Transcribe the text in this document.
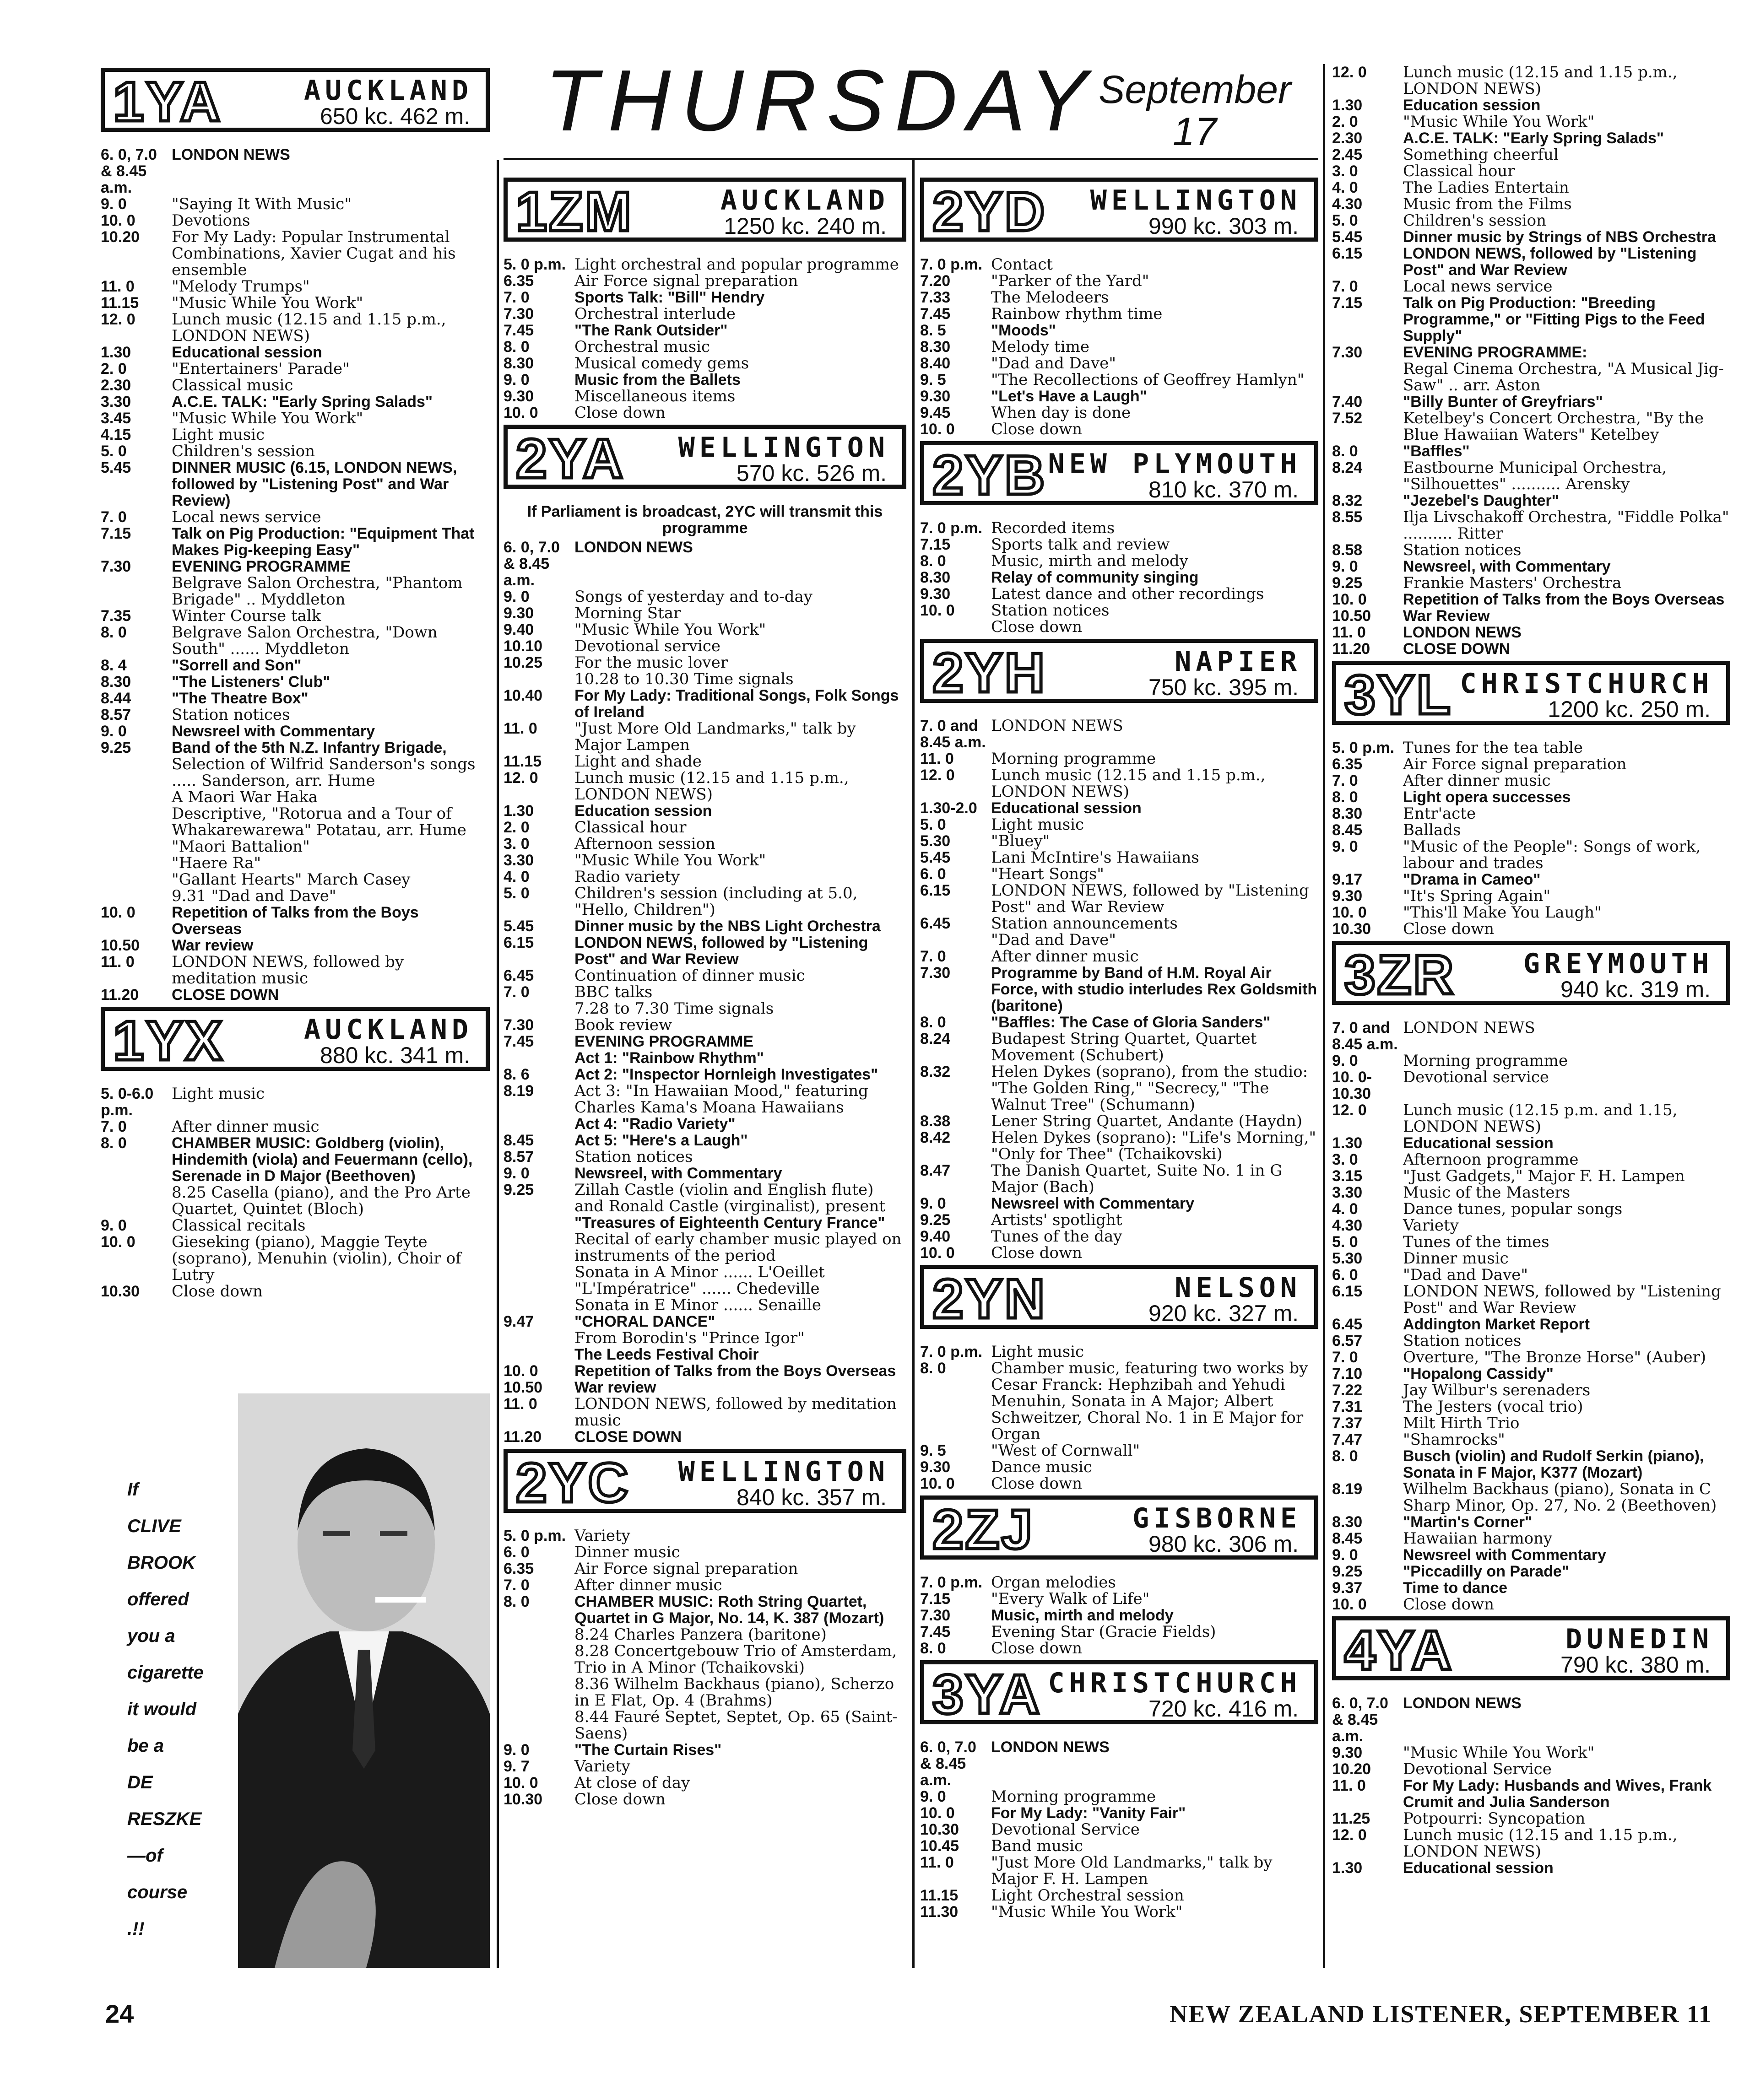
THURSDAY September
17
1YA	AUCKLAND
650 kc. 462 m.
6. 0, 7.0 & 8.45 a.m.
LONDON NEWS
9. 0	"Saying It With Music"
10. 0	Devotions
10.20	For My Lady: Popular Instrumental Combinations, Xavier Cugat and his ensemble
11. 0	"Melody Trumps"
11.15	"Music While You Work"
12. 0	Lunch music (12.15 and 1.15 p.m., LONDON NEWS)
1.30	Educational session
2. 0	"Entertainers' Parade"
2.30	Classical music
3.30	A.C.E. TALK: "Early Spring Salads"
3.45	"Music While You Work"
4.15	Light music
5. 0	Children's session
5.45	DINNER MUSIC (6.15, LONDON NEWS, followed by "Listening Post" and War Review)
7. 0	Local news service
7.15	Talk on Pig Production: "Equipment That Makes Pig-keeping Easy"
7.30	EVENING PROGRAMME
Belgrave Salon Orchestra, "Phantom Brigade" .. Myddleton
7.35	Winter Course talk
8. 0	Belgrave Salon Orchestra, "Down South" ...... Myddleton
8. 4	"Sorrell and Son"
8.30	"The Listeners' Club"
8.44	"The Theatre Box"
8.57	Station notices
9. 0	Newsreel with Commentary
9.25	Band of the 5th N.Z. Infantry Brigade,
Selection of Wilfrid Sanderson's songs ..... Sanderson, arr. Hume
A Maori War Haka
Descriptive, "Rotorua and a Tour of Whakarewarewa" Potatau, arr. Hume
"Maori Battalion"
"Haere Ra"
"Gallant Hearts" March Casey
9.31 "Dad and Dave"
10. 0	Repetition of Talks from the Boys Overseas
10.50	War review
11. 0	LONDON NEWS, followed by meditation music
11.20	CLOSE DOWN
1YX	AUCKLAND
880 kc. 341 m.
5. 0-6.0 p.m.
Light music
7. 0	After dinner music
8. 0	CHAMBER MUSIC: Goldberg (violin), Hindemith (viola) and Feuermann (cello), Serenade in D Major (Beethoven)
8.25 Casella (piano), and the Pro Arte Quartet, Quintet (Bloch)
9. 0	Classical recitals
10. 0	Gieseking (piano), Maggie Teyte (soprano), Menuhin (violin), Choir of Lutry
10.30	Close down
If
CLIVE
BROOK
offered
you a
cigarette
it would
be a
DE
RESZKE
—of
course
.!!
1ZM	AUCKLAND
1250 kc. 240 m.
5. 0 p.m. Light orchestral and popular programme
6.35	Air Force signal preparation
7. 0	Sports Talk: "Bill" Hendry
7.30	Orchestral interlude
7.45	"The Rank Outsider"
8. 0	Orchestral music
8.30	Musical comedy gems
9. 0	Music from the Ballets
9.30	Miscellaneous items
10. 0	Close down
2YA WELLINGTON
570 kc. 526 m.
If Parliament is broadcast, 2YC will transmit this programme
6. 0, 7.0 & 8.45 a.m.
LONDON NEWS
9. 0	Songs of yesterday and to-day
9.30	Morning Star
9.40	"Music While You Work"
10.10	Devotional service
10.25	For the music lover
10.28 to 10.30 Time signals
10.40	For My Lady: Traditional Songs, Folk Songs of Ireland
11. 0	"Just More Old Landmarks," talk by Major Lampen
11.15	Light and shade
12. 0	Lunch music (12.15 and 1.15 p.m., LONDON NEWS)
1.30	Education session
2. 0	Classical hour
3. 0	Afternoon session
3.30	"Music While You Work"
4. 0	Radio variety
5. 0	Children's session (including at 5.0, "Hello, Children")
5.45	Dinner music by the NBS Light Orchestra
6.15	LONDON NEWS, followed by "Listening Post" and War Review
6.45	Continuation of dinner music
7. 0	BBC talks
7.28 to 7.30 Time signals
7.30	Book review
7.45	EVENING PROGRAMME
Act 1: "Rainbow Rhythm"
8. 6	Act 2: "Inspector Hornleigh Investigates"
8.19	Act 3: "In Hawaiian Mood," featuring Charles Kama's Moana Hawaiians
Act 4: "Radio Variety"
8.45	Act 5: "Here's a Laugh"
8.57	Station notices
9. 0	Newsreel, with Commentary
9.25	Zillah Castle (violin and English flute) and Ronald Castle (virginalist), present
"Treasures of Eighteenth Century France"
Recital of early chamber music played on instruments of the period
Sonata in A Minor ...... L'Oeillet
"L'Impératrice" ...... Chedeville
Sonata in E Minor ...... Senaille
9.47	"CHORAL DANCE"
From Borodin's "Prince Igor"
The Leeds Festival Choir
10. 0	Repetition of Talks from the Boys Overseas
10.50	War review
11. 0	LONDON NEWS, followed by meditation music
11.20	CLOSE DOWN
2YC WELLINGTON
840 kc. 357 m.
5. 0 p.m. Variety
6. 0	Dinner music
6.35	Air Force signal preparation
7. 0	After dinner music
8. 0	CHAMBER MUSIC: Roth String Quartet, Quartet in G Major, No. 14, K. 387 (Mozart)
8.24 Charles Panzera (baritone)
8.28 Concertgebouw Trio of Amsterdam, Trio in A Minor (Tchaikovski)
8.36 Wilhelm Backhaus (piano), Scherzo in E Flat, Op. 4 (Brahms)
8.44 Fauré Septet, Septet, Op. 65 (Saint-Saens)
9. 0	"The Curtain Rises"
9. 7	Variety
10. 0	At close of day
10.30	Close down
2YD WELLINGTON
990 kc. 303 m.
7. 0 p.m. Contact
7.20	"Parker of the Yard"
7.33	The Melodeers
7.45	Rainbow rhythm time
8. 5	"Moods"
8.30	Melody time
8.40	"Dad and Dave"
9. 5	"The Recollections of Geoffrey Hamlyn"
9.30	"Let's Have a Laugh"
9.45	When day is done
10. 0	Close down
2YB NEW PLYMOUTH
810 kc. 370 m.
7. 0 p.m. Recorded items
7.15	Sports talk and review
8. 0	Music, mirth and melody
8.30	Relay of community singing
9.30	Latest dance and other recordings
10. 0	Station notices
Close down
2YH	NAPIER
750 kc. 395 m.
7. 0 and 8.45 a.m.
LONDON NEWS
11. 0	Morning programme
12. 0	Lunch music (12.15 and 1.15 p.m., LONDON NEWS)
1.30-2.0 Educational session
5. 0	Light music
5.30	"Bluey"
5.45	Lani McIntire's Hawaiians
6. 0	"Heart Songs"
6.15	LONDON NEWS, followed by "Listening Post" and War Review
6.45	Station announcements
"Dad and Dave"
7. 0	After dinner music
7.30	Programme by Band of H.M. Royal Air Force, with studio interludes Rex Goldsmith (baritone)
8. 0	"Baffles: The Case of Gloria Sanders"
8.24	Budapest String Quartet, Quartet Movement (Schubert)
8.32	Helen Dykes (soprano), from the studio: "The Golden Ring," "Secrecy," "The Walnut Tree" (Schumann)
8.38	Lener String Quartet, Andante (Haydn)
8.42	Helen Dykes (soprano): "Life's Morning," "Only for Thee" (Tchaikovski)
8.47	The Danish Quartet, Suite No. 1 in G Major (Bach)
9. 0	Newsreel with Commentary
9.25	Artists' spotlight
9.40	Tunes of the day
10. 0	Close down
2YN	NELSON
920 kc. 327 m.
7. 0 p.m. Light music
8. 0	Chamber music, featuring two works by Cesar Franck: Hephzibah and Yehudi Menuhin, Sonata in A Major; Albert Schweitzer, Choral No. 1 in E Major for Organ
9. 5	"West of Cornwall"
9.30	Dance music
10. 0	Close down
2ZJ	GISBORNE
980 kc. 306 m.
7. 0 p.m. Organ melodies
7.15	"Every Walk of Life"
7.30	Music, mirth and melody
7.45	Evening Star (Gracie Fields)
8. 0	Close down
3YA CHRISTCHURCH
720 kc. 416 m.
6. 0, 7.0 & 8.45 a.m.
LONDON NEWS
9. 0	Morning programme
10. 0	For My Lady: "Vanity Fair"
10.30	Devotional Service
10.45	Band music
11. 0	"Just More Old Landmarks," talk by Major F. H. Lampen
11.15	Light Orchestral session
11.30	"Music While You Work"
12. 0	Lunch music (12.15 and 1.15 p.m., LONDON NEWS)
1.30	Education session
2. 0	"Music While You Work"
2.30	A.C.E. TALK: "Early Spring Salads"
2.45	Something cheerful
3. 0	Classical hour
4. 0	The Ladies Entertain
4.30	Music from the Films
5. 0	Children's session
5.45	Dinner music by Strings of NBS Orchestra
6.15	LONDON NEWS, followed by "Listening Post" and War Review
7. 0	Local news service
7.15	Talk on Pig Production: "Breeding Programme," or "Fitting Pigs to the Feed Supply"
7.30	EVENING PROGRAMME:
Regal Cinema Orchestra, "A Musical Jig-Saw" .. arr. Aston
7.40	"Billy Bunter of Greyfriars"
7.52	Ketelbey's Concert Orchestra, "By the Blue Hawaiian Waters" Ketelbey
8. 0	"Baffles"
8.24	Eastbourne Municipal Orchestra, "Silhouettes" .......... Arensky
8.32	"Jezebel's Daughter"
8.55	Ilja Livschakoff Orchestra, "Fiddle Polka" .......... Ritter
8.58	Station notices
9. 0	Newsreel, with Commentary
9.25	Frankie Masters' Orchestra
10. 0	Repetition of Talks from the Boys Overseas
10.50	War Review
11. 0	LONDON NEWS
11.20	CLOSE DOWN
3YL CHRISTCHURCH
1200 kc. 250 m.
5. 0 p.m. Tunes for the tea table
6.35	Air Force signal preparation
7. 0	After dinner music
8. 0	Light opera successes
8.30	Entr'acte
8.45	Ballads
9. 0	"Music of the People": Songs of work, labour and trades
9.17	"Drama in Cameo"
9.30	"It's Spring Again"
10. 0	"This'll Make You Laugh"
10.30	Close down
3ZR GREYMOUTH
940 kc. 319 m.
7. 0 and 8.45 a.m.
LONDON NEWS
9. 0	Morning programme
10. 0-10.30
Devotional service
12. 0	Lunch music (12.15 p.m. and 1.15, LONDON NEWS)
1.30	Educational session
3. 0	Afternoon programme
3.15	"Just Gadgets," Major F. H. Lampen
3.30	Music of the Masters
4. 0	Dance tunes, popular songs
4.30	Variety
5. 0	Tunes of the times
5.30	Dinner music
6. 0	"Dad and Dave"
6.15	LONDON NEWS, followed by "Listening Post" and War Review
6.45	Addington Market Report
6.57	Station notices
7. 0	Overture, "The Bronze Horse" (Auber)
7.10	"Hopalong Cassidy"
7.22	Jay Wilbur's serenaders
7.31	The Jesters (vocal trio)
7.37	Milt Hirth Trio
7.47	"Shamrocks"
8. 0	Busch (violin) and Rudolf Serkin (piano), Sonata in F Major, K377 (Mozart)
8.19	Wilhelm Backhaus (piano), Sonata in C Sharp Minor, Op. 27, No. 2 (Beethoven)
8.30	"Martin's Corner"
8.45	Hawaiian harmony
9. 0	Newsreel with Commentary
9.25	"Piccadilly on Parade"
9.37	Time to dance
10. 0	Close down
4YA	DUNEDIN
790 kc. 380 m.
6. 0, 7.0 & 8.45 a.m.
LONDON NEWS
9.30	"Music While You Work"
10.20	Devotional Service
11. 0	For My Lady: Husbands and Wives, Frank Crumit and Julia Sanderson
11.25	Potpourri: Syncopation
12. 0	Lunch music (12.15 and 1.15 p.m., LONDON NEWS)
1.30	Educational session
24	NEW ZEALAND LISTENER, SEPTEMBER 11
